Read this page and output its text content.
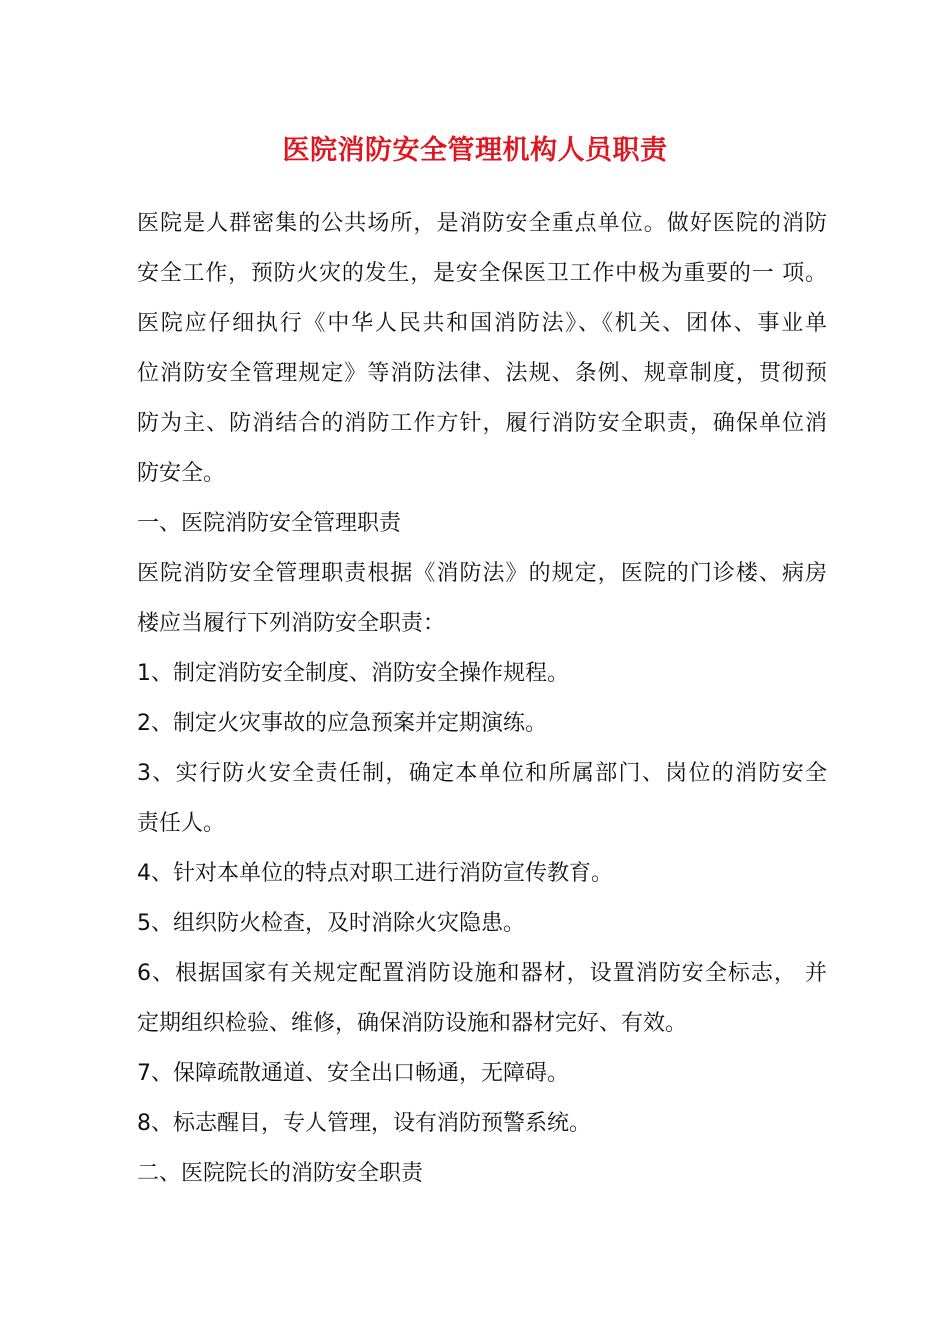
医院消防安全管理机构人员职责
医院是人群密集的公共场所，是消防安全重点单位。做好医院的消防
安全工作，预防火灾的发生，是安全保医卫工作中极为重要的一 项。
医院应仔细执行《中华人民共和国消防法》、《机关、团体、事业单
位消防安全管理规定》等消防法律、法规、条例、规章制度，贯彻预
防为主、防消结合的消防工作方针，履行消防安全职责，确保单位消
防安全。
一、医院消防安全管理职责
医院消防安全管理职责根据《消防法》的规定，医院的门诊楼、病房
楼应当履行下列消防安全职责：
1、制定消防安全制度、消防安全操作规程。
2、制定火灾事故的应急预案并定期演练。
3、实行防火安全责任制，确定本单位和所属部门、岗位的消防安全
责任人。
4、针对本单位的特点对职工进行消防宣传教育。
5、组织防火检查，及时消除火灾隐患。
6、根据国家有关规定配置消防设施和器材，设置消防安全标志， 并
定期组织检验、维修，确保消防设施和器材完好、有效。
7、保障疏散通道、安全出口畅通，无障碍。
8、标志醒目，专人管理，设有消防预警系统。
二、医院院长的消防安全职责
